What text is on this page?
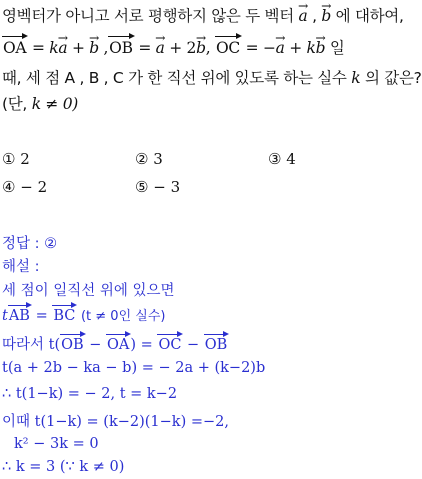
영벡터가 아니고 서로 평행하지 않은 두 벡터 → a , → b 에 대하여,
OA = k→ a + → b ,OB = → a + 2→ b, OC = −→ a + k→ b 일
때, 세 점 A , B , C 가 한 직선 위에 있도록 하는 실수 k 의 값은?
(단, k ≠ 0)
① 2	② 3	③ 4
④ − 2	⑤ − 3
정답 : ②
해설 :
세 점이 일직선 위에 있으면
tAB = BC (t ≠ 0인 실수)
따라서 t(OB − OA) = OC − OB
t(a + 2b − ka − b) = − 2a + (k−2)b
∴ t(1−k) = − 2, t = k−2
이때 t(1−k) = (k−2)(1−k) =−2,
k² − 3k = 0
∴ k = 3 (∵ k ≠ 0)
